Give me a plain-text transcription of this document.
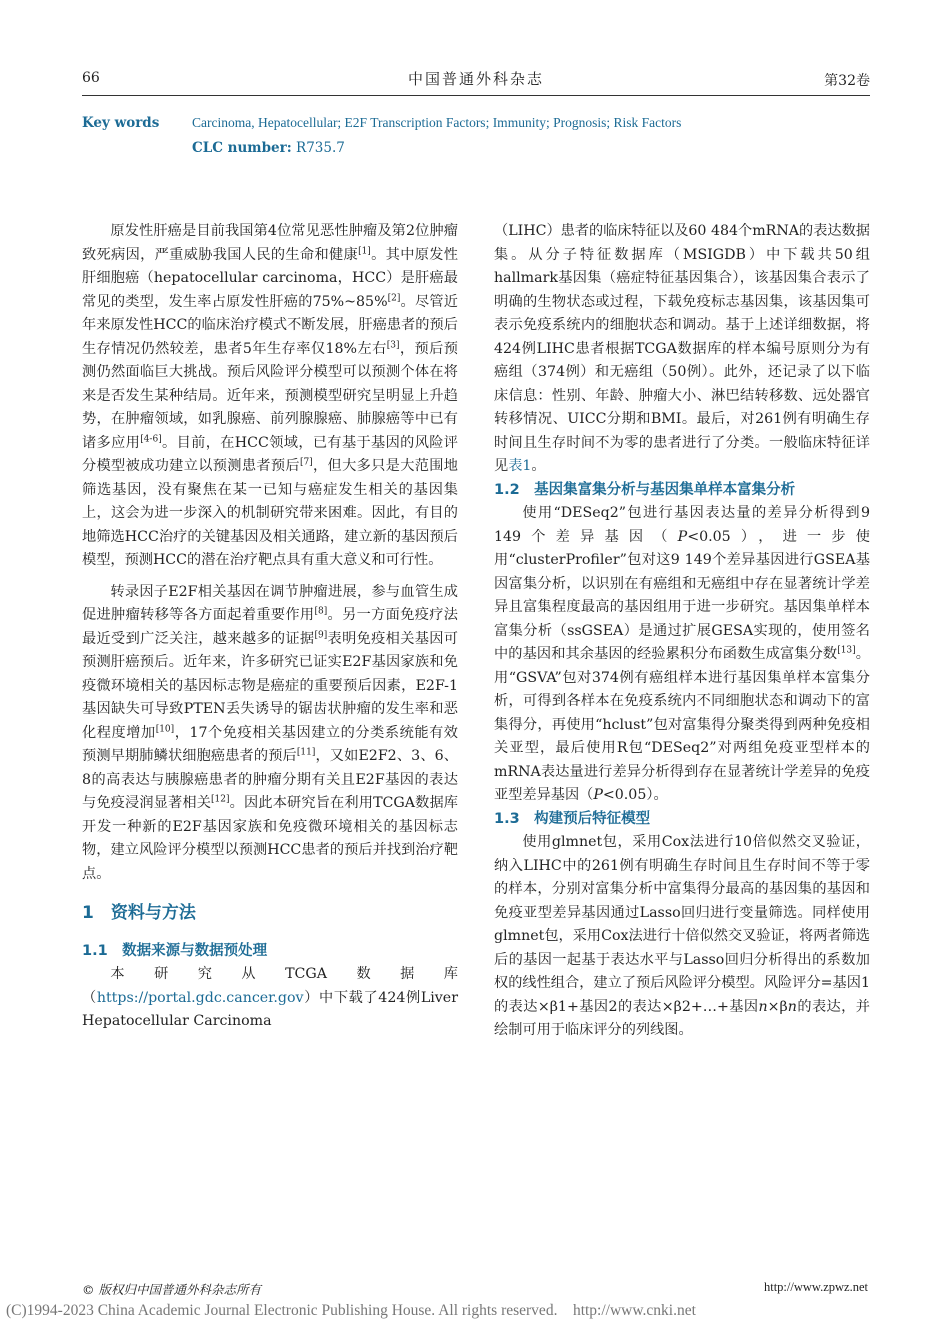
66	中国普通外科杂志	第32卷
Key words Carcinoma, Hepatocellular; E2F Transcription Factors; Immunity; Prognosis; Risk Factors
CLC number: R735.7

原发性肝癌是目前我国第4位常见恶性肿瘤及第2位肿瘤致死病因，严重威胁我国人民的生命和健康[1]。其中原发性肝细胞癌（hepatocellular carcinoma，HCC）是肝癌最常见的类型，发生率占原发性肝癌的75%~85%[2]。尽管近年来原发性HCC的临床治疗模式不断发展，肝癌患者的预后生存情况仍然较差，患者5年生存率仅18%左右[3]，预后预测仍然面临巨大挑战。预后风险评分模型可以预测个体在将来是否发生某种结局。近年来，预测模型研究呈明显上升趋势，在肿瘤领域，如乳腺癌、前列腺腺癌、肺腺癌等中已有诸多应用[4-6]。目前，在HCC领域，已有基于基因的风险评分模型被成功建立以预测患者预后[7]，但大多只是大范围地筛选基因，没有聚焦在某一已知与癌症发生相关的基因集上，这会为进一步深入的机制研究带来困难。因此，有目的地筛选HCC治疗的关键基因及相关通路，建立新的基因预后模型，预测HCC的潜在治疗靶点具有重大意义和可行性。

转录因子E2F相关基因在调节肿瘤进展，参与血管生成促进肿瘤转移等各方面起着重要作用[8]。另一方面免疫疗法最近受到广泛关注，越来越多的证据[9]表明免疫相关基因可预测肝癌预后。近年来，许多研究已证实E2F基因家族和免疫微环境相关的基因标志物是癌症的重要预后因素，E2F-1基因缺失可导致PTEN丢失诱导的锯齿状肿瘤的发生率和恶化程度增加[10]，17个免疫相关基因建立的分类系统能有效预测早期肺鳞状细胞癌患者的预后[11]，又如E2F2、3、6、8的高表达与胰腺癌患者的肿瘤分期有关且E2F基因的表达与免疫浸润显著相关[12]。因此本研究旨在利用TCGA数据库开发一种新的E2F基因家族和免疫微环境相关的基因标志物，建立风险评分模型以预测HCC患者的预后并找到治疗靶点。

1　资料与方法
1.1　数据来源与数据预处理

本研究从TCGA数据库（https://portal.gdc.cancer.gov）中下载了424例Liver Hepatocellular Carcinoma

（LIHC）患者的临床特征以及60 484个mRNA的表达数据集。从分子特征数据库（MSIGDB）中下载共50组hallmark基因集（癌症特征基因集合），该基因集合表示了明确的生物状态或过程，下载免疫标志基因集，该基因集可表示免疫系统内的细胞状态和调动。基于上述详细数据，将424例LIHC患者根据TCGA数据库的样本编号原则分为有癌组（374例）和无癌组（50例）。此外，还记录了以下临床信息：性别、年龄、肿瘤大小、淋巴结转移数、远处器官转移情况、UICC分期和BMI。最后，对261例有明确生存时间且生存时间不为零的患者进行了分类。一般临床特征详见表1。

1.2　基因集富集分析与基因集单样本富集分析

使用“DESeq2”包进行基因表达量的差异分析得到9 149个差异基因（P<0.05），进一步使用“clusterProfiler”包对这9 149个差异基因进行GSEA基因富集分析，以识别在有癌组和无癌组中存在显著统计学差异且富集程度最高的基因组用于进一步研究。基因集单样本富集分析（ssGSEA）是通过扩展GESA实现的，使用签名中的基因和其余基因的经验累积分布函数生成富集分数[13]。用“GSVA”包对374例有癌组样本进行基因集单样本富集分析，可得到各样本在免疫系统内不同细胞状态和调动下的富集得分，再使用“hclust”包对富集得分聚类得到两种免疫相关亚型，最后使用R包“DESeq2”对两组免疫亚型样本的mRNA表达量进行差异分析得到存在显著统计学差异的免疫亚型差异基因（P<0.05）。

1.3　构建预后特征模型

使用glmnet包，采用Cox法进行10倍似然交叉验证，纳入LIHC中的261例有明确生存时间且生存时间不等于零的样本，分别对富集分析中富集得分最高的基因集的基因和免疫亚型差异基因通过Lasso回归进行变量筛选。同样使用glmnet包，采用Cox法进行十倍似然交叉验证，将两者筛选后的基因一起基于表达水平与Lasso回归分析得出的系数加权的线性组合，建立了预后风险评分模型。风险评分=基因1的表达×β1+基因2的表达×β2+…+基因n×βn的表达，并绘制可用于临床评分的列线图。

© 版权归中国普通外科杂志所有	http://www.zpwz.net
(C)1994-2023 China Academic Journal Electronic Publishing House. All rights reserved.　http://www.cnki.net
